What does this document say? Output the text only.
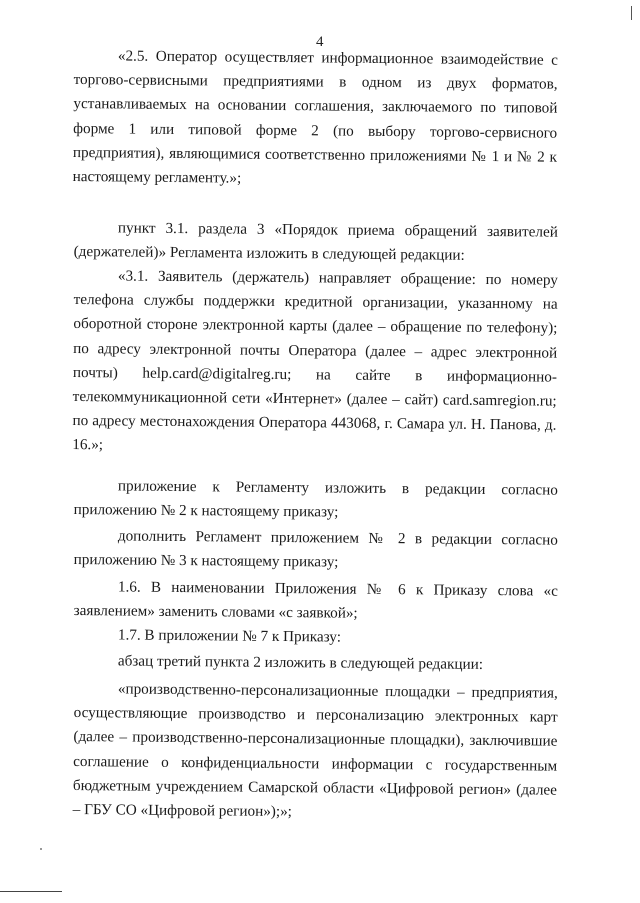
4

«2.5. Оператор осуществляет информационное взаимодействие с торгово-сервисными предприятиями в одном из двух форматов, устанавливаемых на основании соглашения, заключаемого по типовой форме 1 или типовой форме 2 (по выбору торгово-сервисного предприятия), являющимися соответственно приложениями № 1 и № 2 к настоящему регламенту.»;

пункт 3.1. раздела 3 «Порядок приема обращений заявителей (держателей)» Регламента изложить в следующей редакции:

«3.1. Заявитель (держатель) направляет обращение: по номеру телефона службы поддержки кредитной организации, указанному на оборотной стороне электронной карты (далее – обращение по телефону); по адресу электронной почты Оператора (далее – адрес электронной почты) help.card@digitalreg.ru; на сайте в информационно-телекоммуникационной сети «Интернет» (далее – сайт) card.samregion.ru; по адресу местонахождения Оператора 443068, г. Самара ул. Н. Панова, д. 16.»;

приложение к Регламенту изложить в редакции согласно приложению № 2 к настоящему приказу;

дополнить Регламент приложением № 2 в редакции согласно приложению № 3 к настоящему приказу;

1.6. В наименовании Приложения № 6 к Приказу слова «с заявлением» заменить словами «с заявкой»;

1.7. В приложении № 7 к Приказу:

абзац третий пункта 2 изложить в следующей редакции:

«производственно-персонализационные площадки – предприятия, осуществляющие производство и персонализацию электронных карт (далее – производственно-персонализационные площадки), заключившие соглашение о конфиденциальности информации с государственным бюджетным учреждением Самарской области «Цифровой регион» (далее – ГБУ СО «Цифровой регион»);»;
